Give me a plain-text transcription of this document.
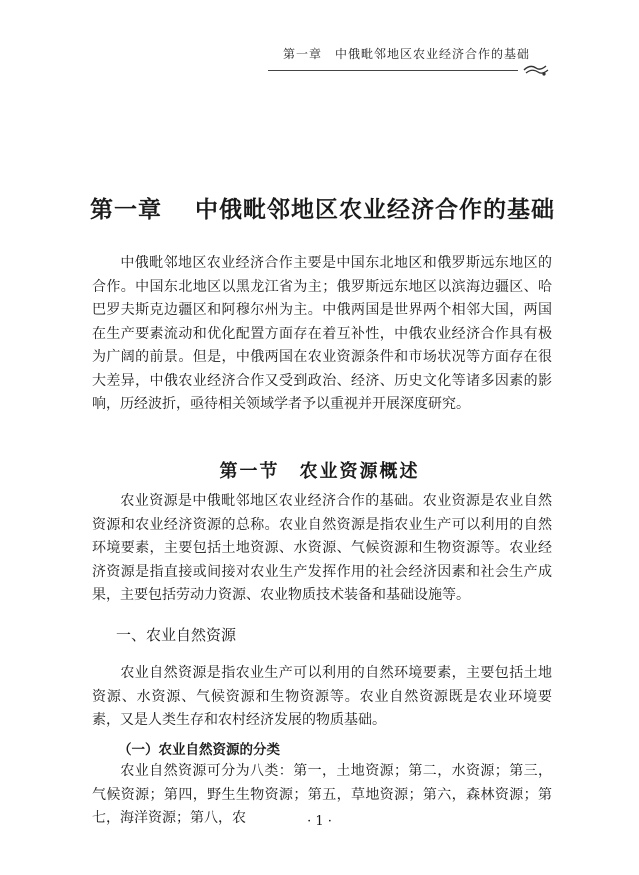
第一章　中俄毗邻地区农业经济合作的基础
第一章　 中俄毗邻地区农业经济合作的基础

中俄毗邻地区农业经济合作主要是中国东北地区和俄罗斯远东地区的合作。中国东北地区以黑龙江省为主；俄罗斯远东地区以滨海边疆区、哈巴罗夫斯克边疆区和阿穆尔州为主。中俄两国是世界两个相邻大国，两国在生产要素流动和优化配置方面存在着互补性，中俄农业经济合作具有极为广阔的前景。但是，中俄两国在农业资源条件和市场状况等方面存在很大差异，中俄农业经济合作又受到政治、经济、历史文化等诸多因素的影响，历经波折，亟待相关领域学者予以重视并开展深度研究。

第一节　农业资源概述

农业资源是中俄毗邻地区农业经济合作的基础。农业资源是农业自然资源和农业经济资源的总称。农业自然资源是指农业生产可以利用的自然环境要素，主要包括土地资源、水资源、气候资源和生物资源等。农业经济资源是指直接或间接对农业生产发挥作用的社会经济因素和社会生产成果，主要包括劳动力资源、农业物质技术装备和基础设施等。

一、农业自然资源

农业自然资源是指农业生产可以利用的自然环境要素，主要包括土地资源、水资源、气候资源和生物资源等。农业自然资源既是农业环境要素，又是人类生存和农村经济发展的物质基础。

（一）农业自然资源的分类

农业自然资源可分为八类：第一，土地资源；第二，水资源；第三，气候资源；第四，野生生物资源；第五，草地资源；第六，森林资源；第七，海洋资源；第八，农	· 1 ·
